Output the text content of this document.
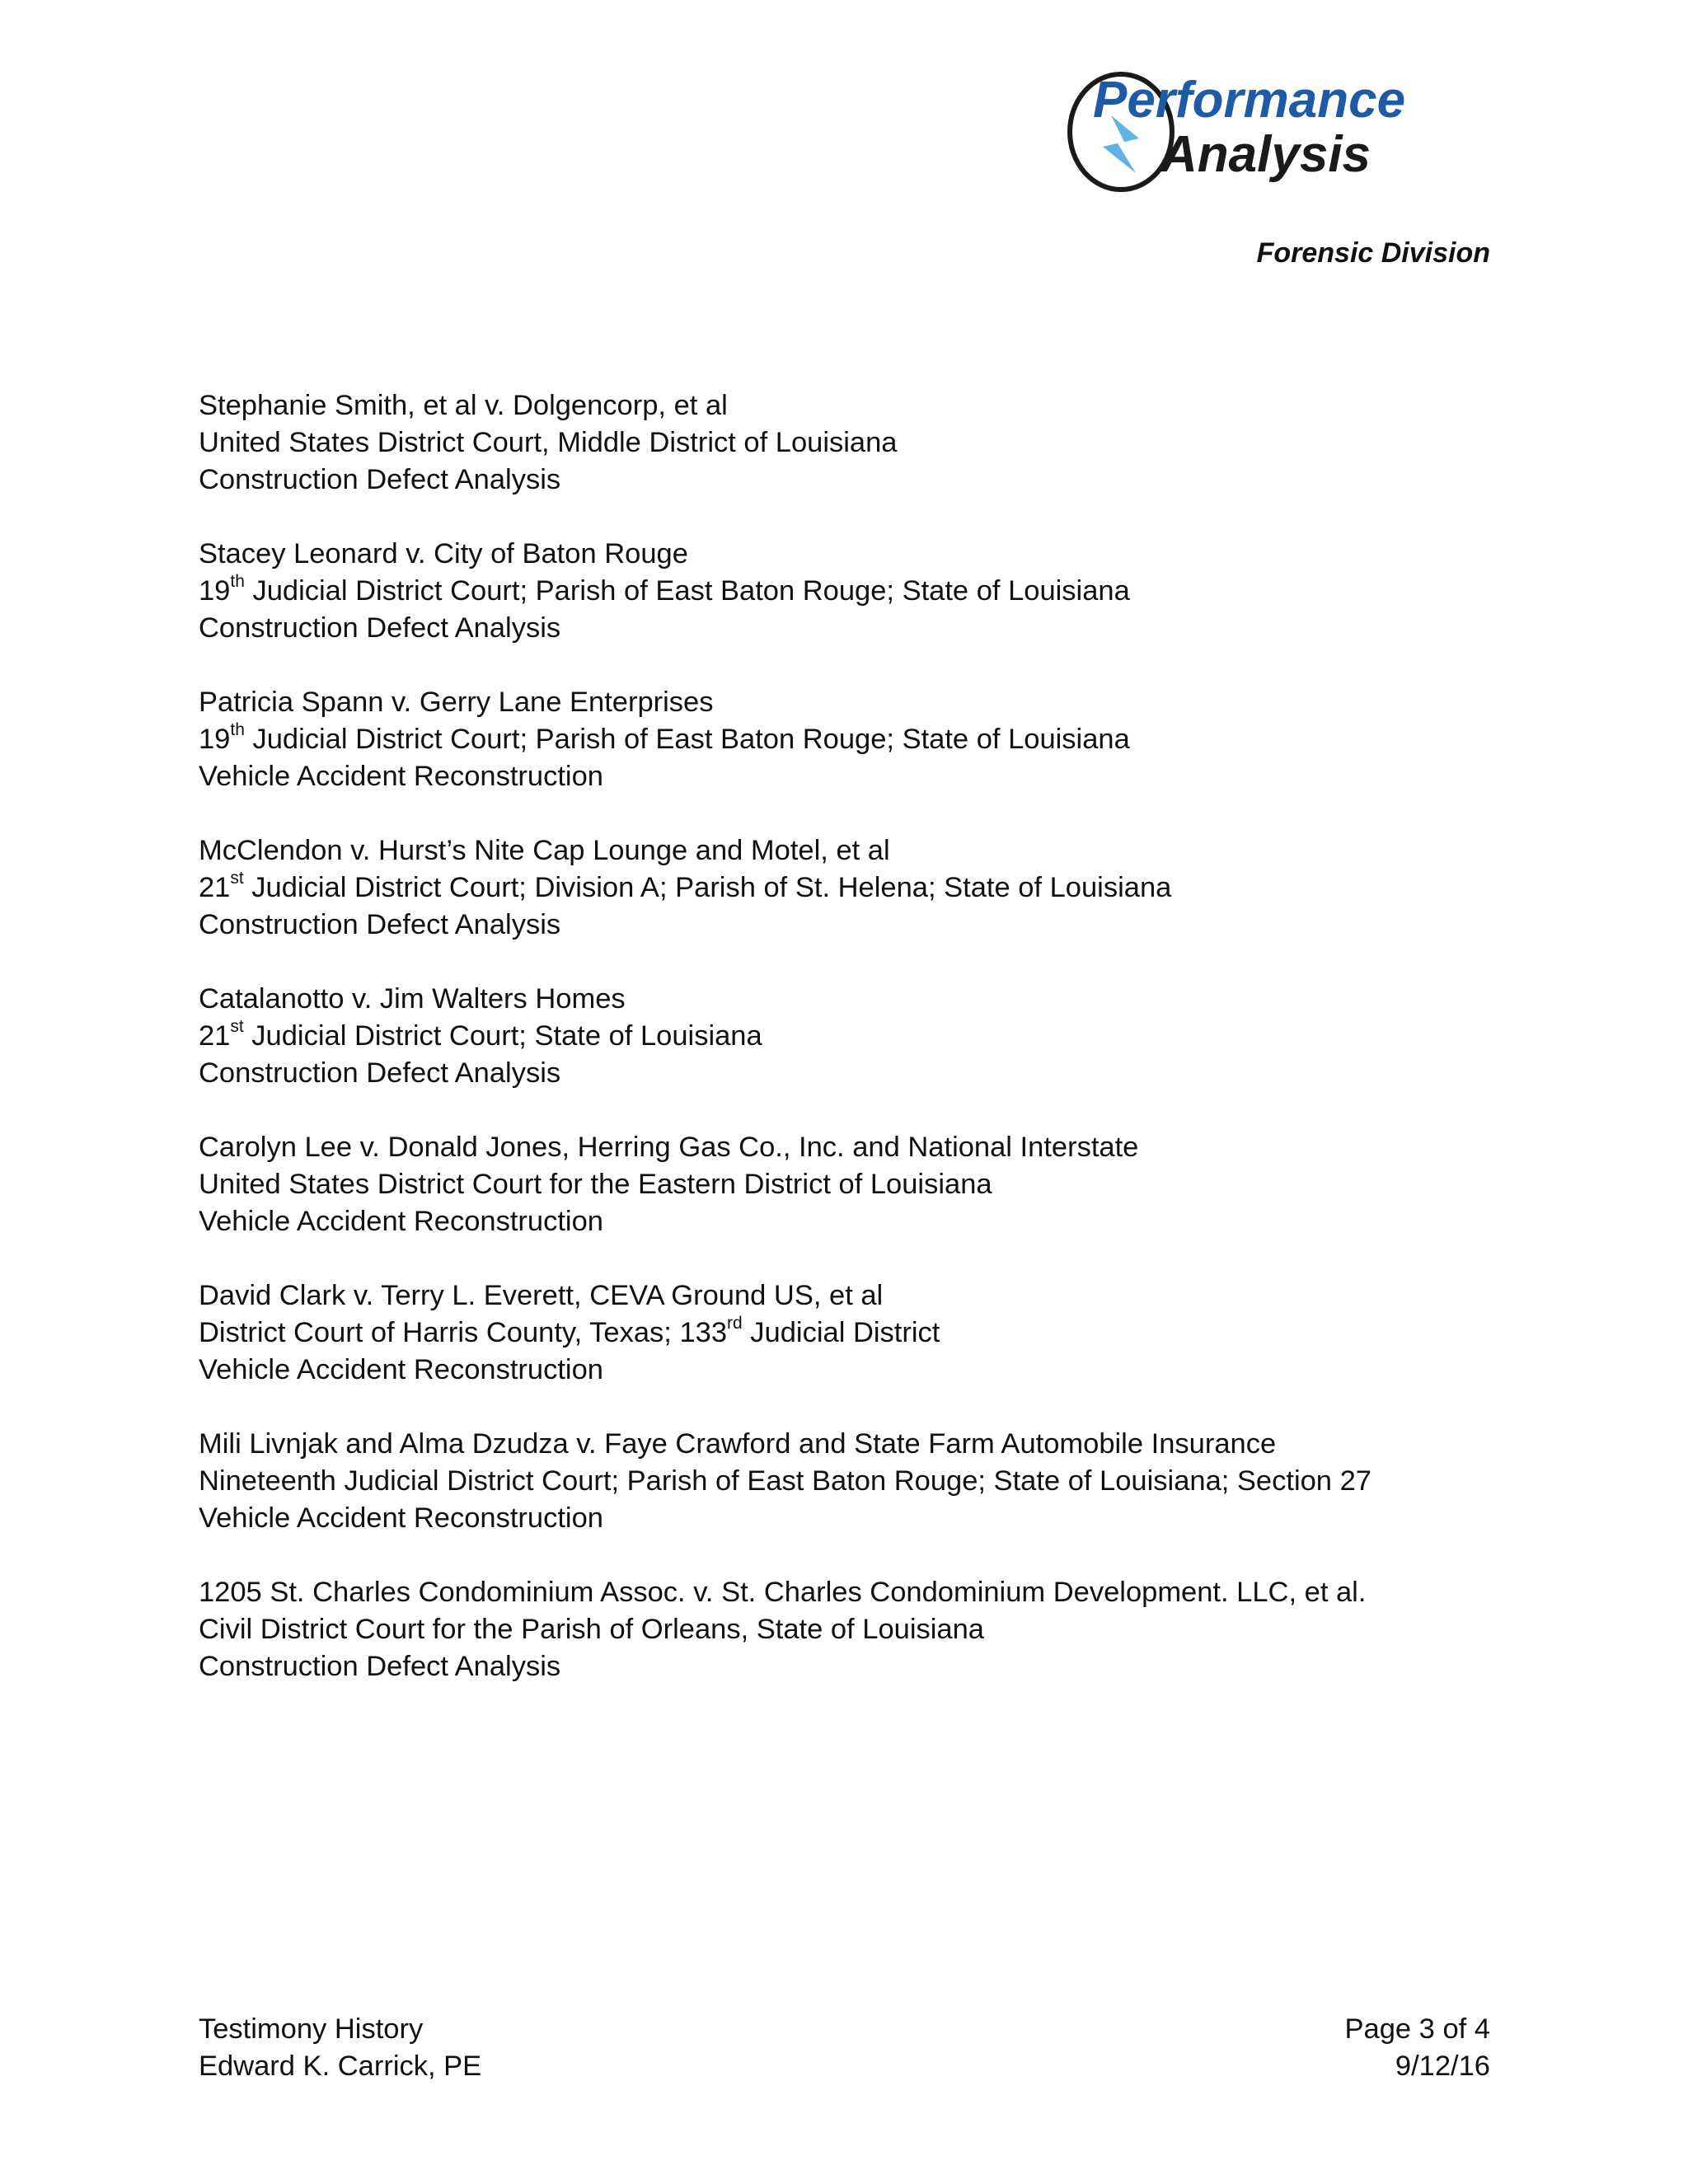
Performance
Analysis
Forensic Division
Stephanie Smith, et al v. Dolgencorp, et al
United States District Court, Middle District of Louisiana
Construction Defect Analysis
Stacey Leonard v. City of Baton Rouge
19th Judicial District Court; Parish of East Baton Rouge; State of Louisiana
Construction Defect Analysis
Patricia Spann v. Gerry Lane Enterprises
19th Judicial District Court; Parish of East Baton Rouge; State of Louisiana
Vehicle Accident Reconstruction
McClendon v. Hurst’s Nite Cap Lounge and Motel, et al
21st Judicial District Court; Division A; Parish of St. Helena; State of Louisiana
Construction Defect Analysis
Catalanotto v. Jim Walters Homes
21st Judicial District Court; State of Louisiana
Construction Defect Analysis
Carolyn Lee v. Donald Jones, Herring Gas Co., Inc. and National Interstate
United States District Court for the Eastern District of Louisiana
Vehicle Accident Reconstruction
David Clark v. Terry L. Everett, CEVA Ground US, et al
District Court of Harris County, Texas; 133rd Judicial District
Vehicle Accident Reconstruction
Mili Livnjak and Alma Dzudza v. Faye Crawford and State Farm Automobile Insurance
Nineteenth Judicial District Court; Parish of East Baton Rouge; State of Louisiana; Section 27
Vehicle Accident Reconstruction
1205 St. Charles Condominium Assoc. v. St. Charles Condominium Development. LLC, et al.
Civil District Court for the Parish of Orleans, State of Louisiana
Construction Defect Analysis
Testimony History
Edward K. Carrick, PE
Page 3 of 4
9/12/16
